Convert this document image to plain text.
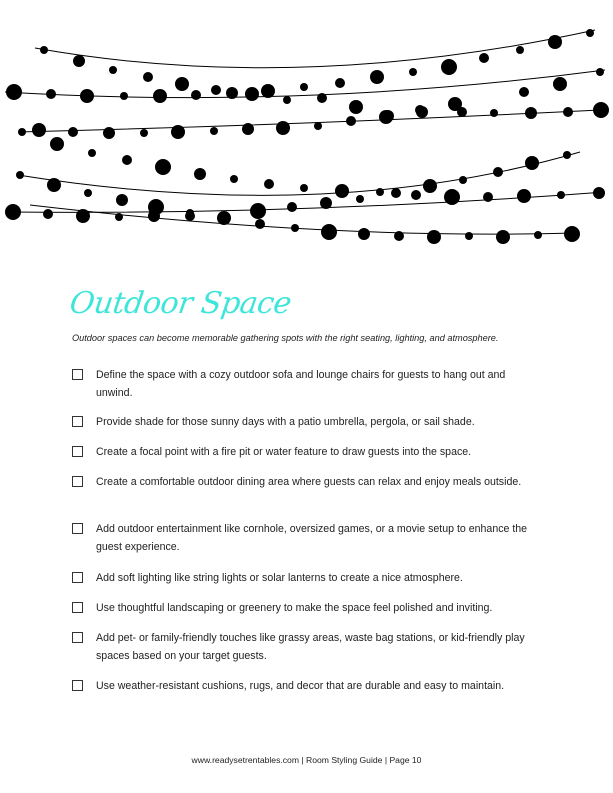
Outdoor Space
Outdoor spaces can become memorable gathering spots with the right seating, lighting, and atmosphere.
Define the space with a cozy outdoor sofa and lounge chairs for guests to hang out and unwind.
Provide shade for those sunny days with a patio umbrella, pergola, or sail shade.
Create a focal point with a fire pit or water feature to draw guests into the space.
Create a comfortable outdoor dining area where guests can relax and enjoy meals outside.
Add outdoor entertainment like cornhole, oversized games, or a movie setup to enhance the guest experience.
Add soft lighting like string lights or solar lanterns to create a nice atmosphere.
Use thoughtful landscaping or greenery to make the space feel polished and inviting.
Add pet- or family-friendly touches like grassy areas, waste bag stations, or kid-friendly play spaces based on your target guests.
Use weather-resistant cushions, rugs, and decor that are durable and easy to maintain.
www.readysetrentables.com | Room Styling Guide | Page 10
